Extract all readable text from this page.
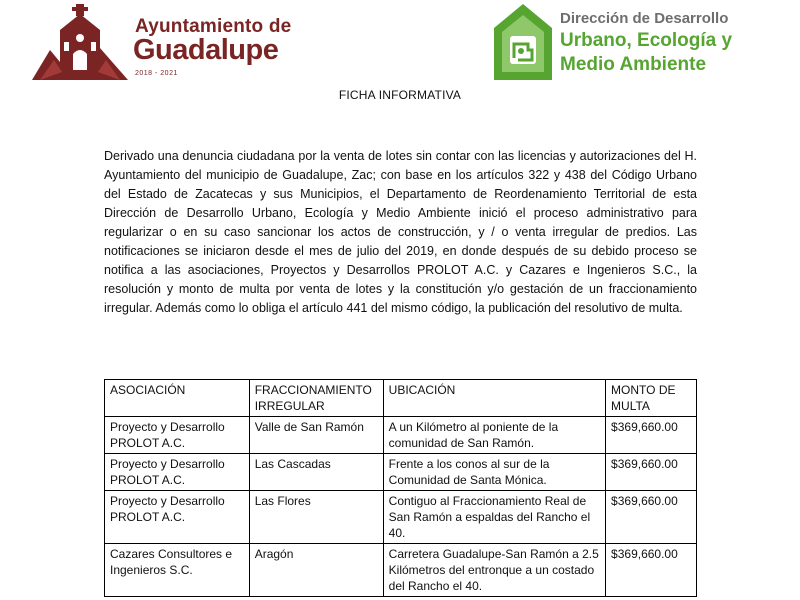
Ayuntamiento de
Guadalupe
2018 - 2021
Dirección de Desarrollo
Urbano, Ecología y
Medio Ambiente
FICHA INFORMATIVA

Derivado una denuncia ciudadana por la venta de lotes sin contar con las licencias y autorizaciones del H. Ayuntamiento del municipio de Guadalupe, Zac; con base en los artículos 322 y 438 del Código Urbano del Estado de Zacatecas y sus Municipios, el Departamento de Reordenamiento Territorial de esta Dirección de Desarrollo Urbano, Ecología y Medio Ambiente inició el proceso administrativo para regularizar o en su caso sancionar los actos de construcción, y / o venta irregular de predios. Las notificaciones se iniciaron desde el mes de julio del 2019, en donde después de su debido proceso se notifica a las asociaciones, Proyectos y Desarrollos PROLOT A.C. y Cazares e Ingenieros S.C., la resolución y monto de multa por venta de lotes y la constitución y/o gestación de un fraccionamiento irregular. Además como lo obliga el artículo 441 del mismo código, la publicación del resolutivo de multa.

ASOCIACIÓN	FRACCIONAMIENTO IRREGULAR	UBICACIÓN	MONTO DE MULTA
Proyecto y Desarrollo PROLOT A.C.	Valle de San Ramón	A un Kilómetro al poniente de la comunidad de San Ramón.	$369,660.00
Proyecto y Desarrollo PROLOT A.C.	Las Cascadas	Frente a los conos al sur de la Comunidad de Santa Mónica.	$369,660.00
Proyecto y Desarrollo PROLOT A.C.	Las Flores	Contiguo al Fraccionamiento Real de San Ramón a espaldas del Rancho el 40.	$369,660.00
Cazares Consultores e Ingenieros S.C.	Aragón	Carretera Guadalupe-San Ramón a 2.5 Kilómetros del entronque a un costado del Rancho el 40.	$369,660.00
